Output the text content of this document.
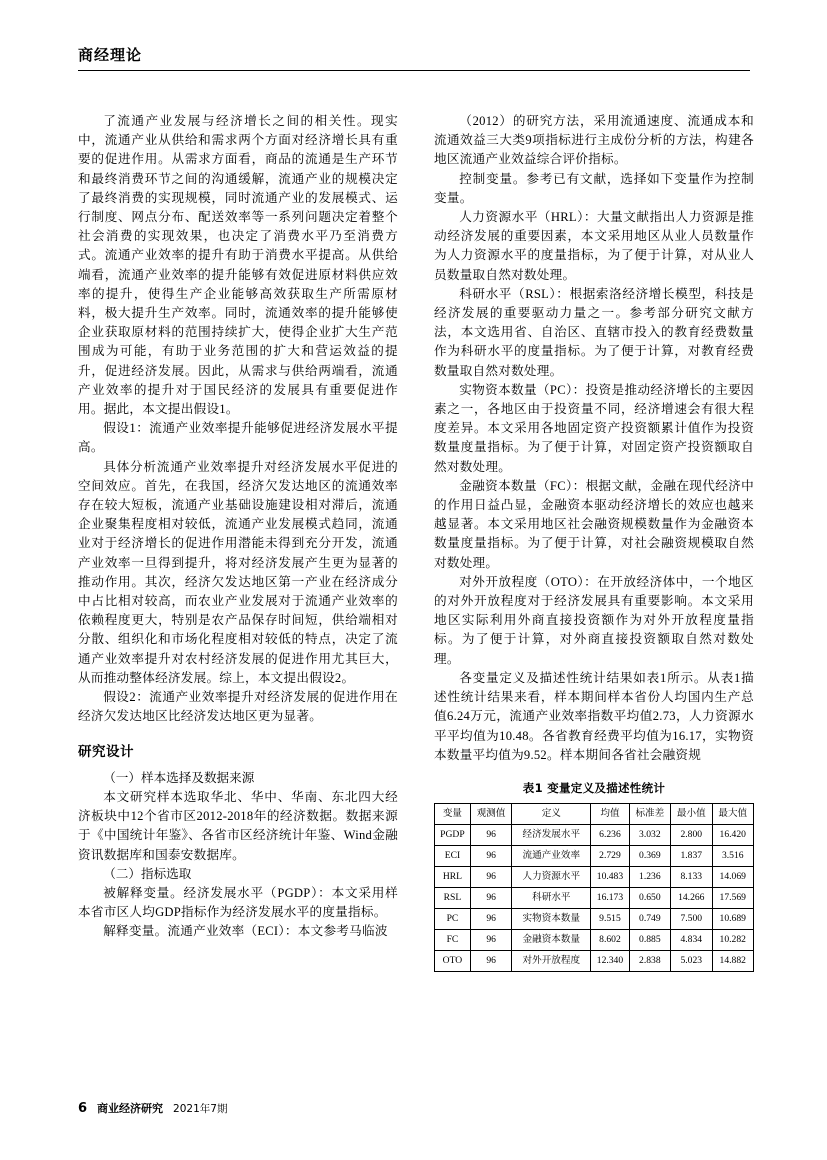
商经理论

了流通产业发展与经济增长之间的相关性。现实中，流通产业从供给和需求两个方面对经济增长具有重要的促进作用。从需求方面看，商品的流通是生产环节和最终消费环节之间的沟通缓解，流通产业的规模决定了最终消费的实现规模，同时流通产业的发展模式、运行制度、网点分布、配送效率等一系列问题决定着整个社会消费的实现效果，也决定了消费水平乃至消费方式。流通产业效率的提升有助于消费水平提高。从供给端看，流通产业效率的提升能够有效促进原材料供应效率的提升，使得生产企业能够高效获取生产所需原材料，极大提升生产效率。同时，流通效率的提升能够使企业获取原材料的范围持续扩大，使得企业扩大生产范围成为可能，有助于业务范围的扩大和营运效益的提升，促进经济发展。因此，从需求与供给两端看，流通产业效率的提升对于国民经济的发展具有重要促进作用。据此，本文提出假设1。

假设1：流通产业效率提升能够促进经济发展水平提高。

具体分析流通产业效率提升对经济发展水平促进的空间效应。首先，在我国，经济欠发达地区的流通效率存在较大短板，流通产业基础设施建设相对滞后，流通企业聚集程度相对较低，流通产业发展模式趋同，流通业对于经济增长的促进作用潜能未得到充分开发，流通产业效率一旦得到提升，将对经济发展产生更为显著的推动作用。其次，经济欠发达地区第一产业在经济成分中占比相对较高，而农业产业发展对于流通产业效率的依赖程度更大，特别是农产品保存时间短，供给端相对分散、组织化和市场化程度相对较低的特点，决定了流通产业效率提升对农村经济发展的促进作用尤其巨大，从而推动整体经济发展。综上，本文提出假设2。

假设2：流通产业效率提升对经济发展的促进作用在经济欠发达地区比经济发达地区更为显著。

研究设计

（一）样本选择及数据来源

本文研究样本选取华北、华中、华南、东北四大经济板块中12个省市区2012-2018年的经济数据。数据来源于《中国统计年鉴》、各省市区经济统计年鉴、Wind金融资讯数据库和国泰安数据库。

（二）指标选取

被解释变量。经济发展水平（PGDP）：本文采用样本省市区人均GDP指标作为经济发展水平的度量指标。

解释变量。流通产业效率（ECI）：本文参考马临波

（2012）的研究方法，采用流通速度、流通成本和流通效益三大类9项指标进行主成份分析的方法，构建各地区流通产业效益综合评价指标。

控制变量。参考已有文献，选择如下变量作为控制变量。

人力资源水平（HRL）：大量文献指出人力资源是推动经济发展的重要因素，本文采用地区从业人员数量作为人力资源水平的度量指标，为了便于计算，对从业人员数量取自然对数处理。

科研水平（RSL）：根据索洛经济增长模型，科技是经济发展的重要驱动力量之一。参考部分研究文献方法，本文选用省、自治区、直辖市投入的教育经费数量作为科研水平的度量指标。为了便于计算，对教育经费数量取自然对数处理。

实物资本数量（PC）：投资是推动经济增长的主要因素之一，各地区由于投资量不同，经济增速会有很大程度差异。本文采用各地固定资产投资额累计值作为投资数量度量指标。为了便于计算，对固定资产投资额取自然对数处理。

金融资本数量（FC）：根据文献，金融在现代经济中的作用日益凸显，金融资本驱动经济增长的效应也越来越显著。本文采用地区社会融资规模数量作为金融资本数量度量指标。为了便于计算，对社会融资规模取自然对数处理。

对外开放程度（OTO）：在开放经济体中，一个地区的对外开放程度对于经济发展具有重要影响。本文采用地区实际利用外商直接投资额作为对外开放程度量指标。为了便于计算，对外商直接投资额取自然对数处理。

各变量定义及描述性统计结果如表1所示。从表1描述性统计结果来看，样本期间样本省份人均国内生产总值6.24万元，流通产业效率指数平均值2.73，人力资源水平平均值为10.48。各省教育经费平均值为16.17，实物资本数量平均值为9.52。样本期间各省社会融资规

表1 变量定义及描述性统计
变量	观测值	定义	均值	标准差	最小值	最大值
PGDP	96	经济发展水平	6.236	3.032	2.800	16.420
ECI	96	流通产业效率	2.729	0.369	1.837	3.516
HRL	96	人力资源水平	10.483	1.236	8.133	14.069
RSL	96	科研水平	16.173	0.650	14.266	17.569
PC	96	实物资本数量	9.515	0.749	7.500	10.689
FC	96	金融资本数量	8.602	0.885	4.834	10.282
OTO	96	对外开放程度	12.340	2.838	5.023	14.882
6 商业经济研究 2021年7期
